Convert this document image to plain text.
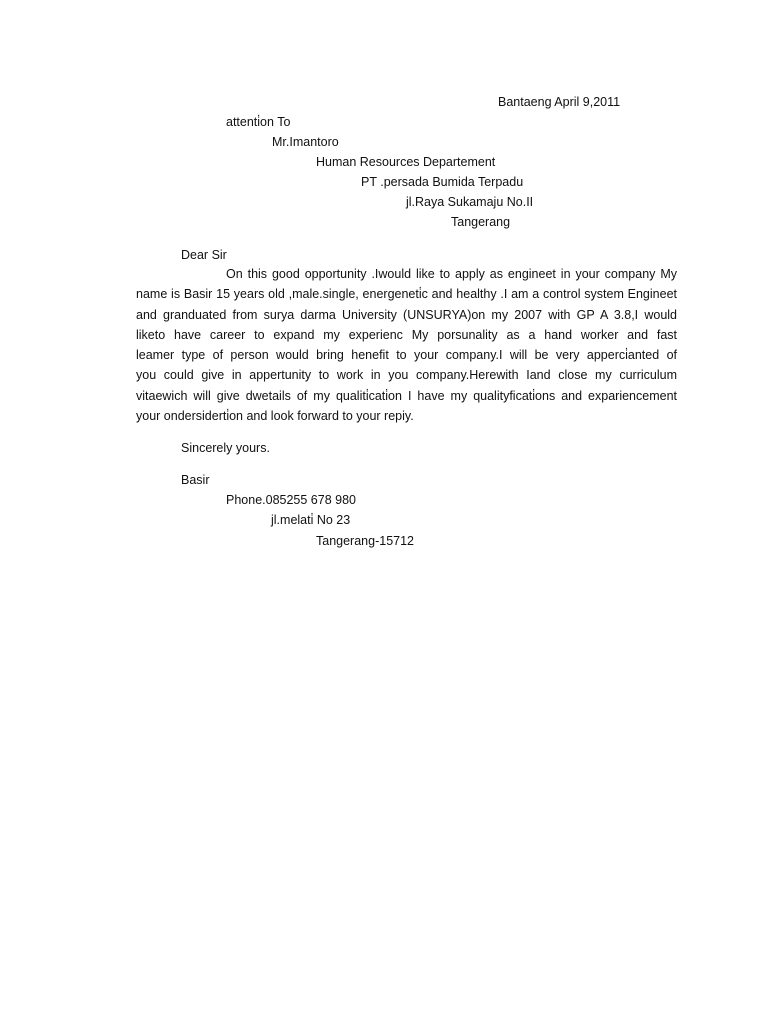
Bantaeng April 9,2011
attenti̇on To
Mr.Imantoro
Human Resources Departement
PT .persada Bumida Terpadu
jl.Raya Sukamaju No.II
Tangerang
Dear Sir
On this good opportunity .Iwould like to apply as engineet in your company My
name is Basir 15 years old ,male.single, energeneti̇c and healthy .I am a control system Engineet
and granduated from surya darma University (UNSURYA)on my 2007 with GP A 3.8,I would
liketo have career to expand my experienc My porsunality as a hand worker and fast
leamer type of person would bring henefit to your company.I will be very apperci̇anted of
you could give in appertunity to work in you company.Herewith Iand close my curriculum
vitaewich will give dwetails of my qualiti̇cati̇on I have my qualityficati̇ons and expariencement
your ondersiderti̇on and look forward to your repiy.
Sincerely yours.
Basir
Phone.085255 678 980
jl.melati̇ No 23
Tangerang-15712
